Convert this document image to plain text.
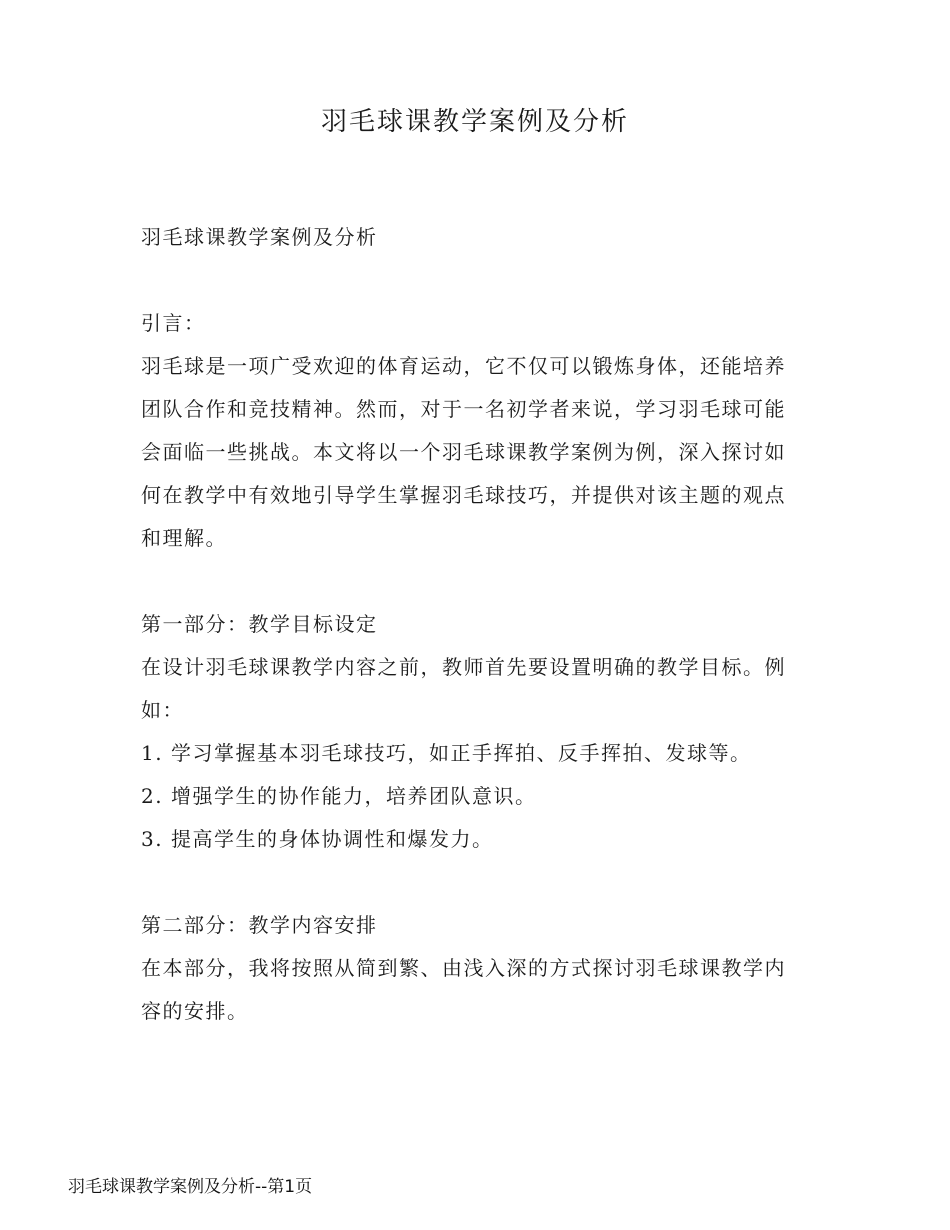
羽毛球课教学案例及分析

羽毛球课教学案例及分析

引言：

羽毛球是一项广受欢迎的体育运动，它不仅可以锻炼身体，还能培养团队合作和竞技精神。然而，对于一名初学者来说，学习羽毛球可能会面临一些挑战。本文将以一个羽毛球课教学案例为例，深入探讨如何在教学中有效地引导学生掌握羽毛球技巧，并提供对该主题的观点和理解。

第一部分：教学目标设定

在设计羽毛球课教学内容之前，教师首先要设置明确的教学目标。例如：

1. 学习掌握基本羽毛球技巧，如正手挥拍、反手挥拍、发球等。

2. 增强学生的协作能力，培养团队意识。

3. 提高学生的身体协调性和爆发力。

第二部分：教学内容安排

在本部分，我将按照从简到繁、由浅入深的方式探讨羽毛球课教学内容的安排。

羽毛球课教学案例及分析--第1页
